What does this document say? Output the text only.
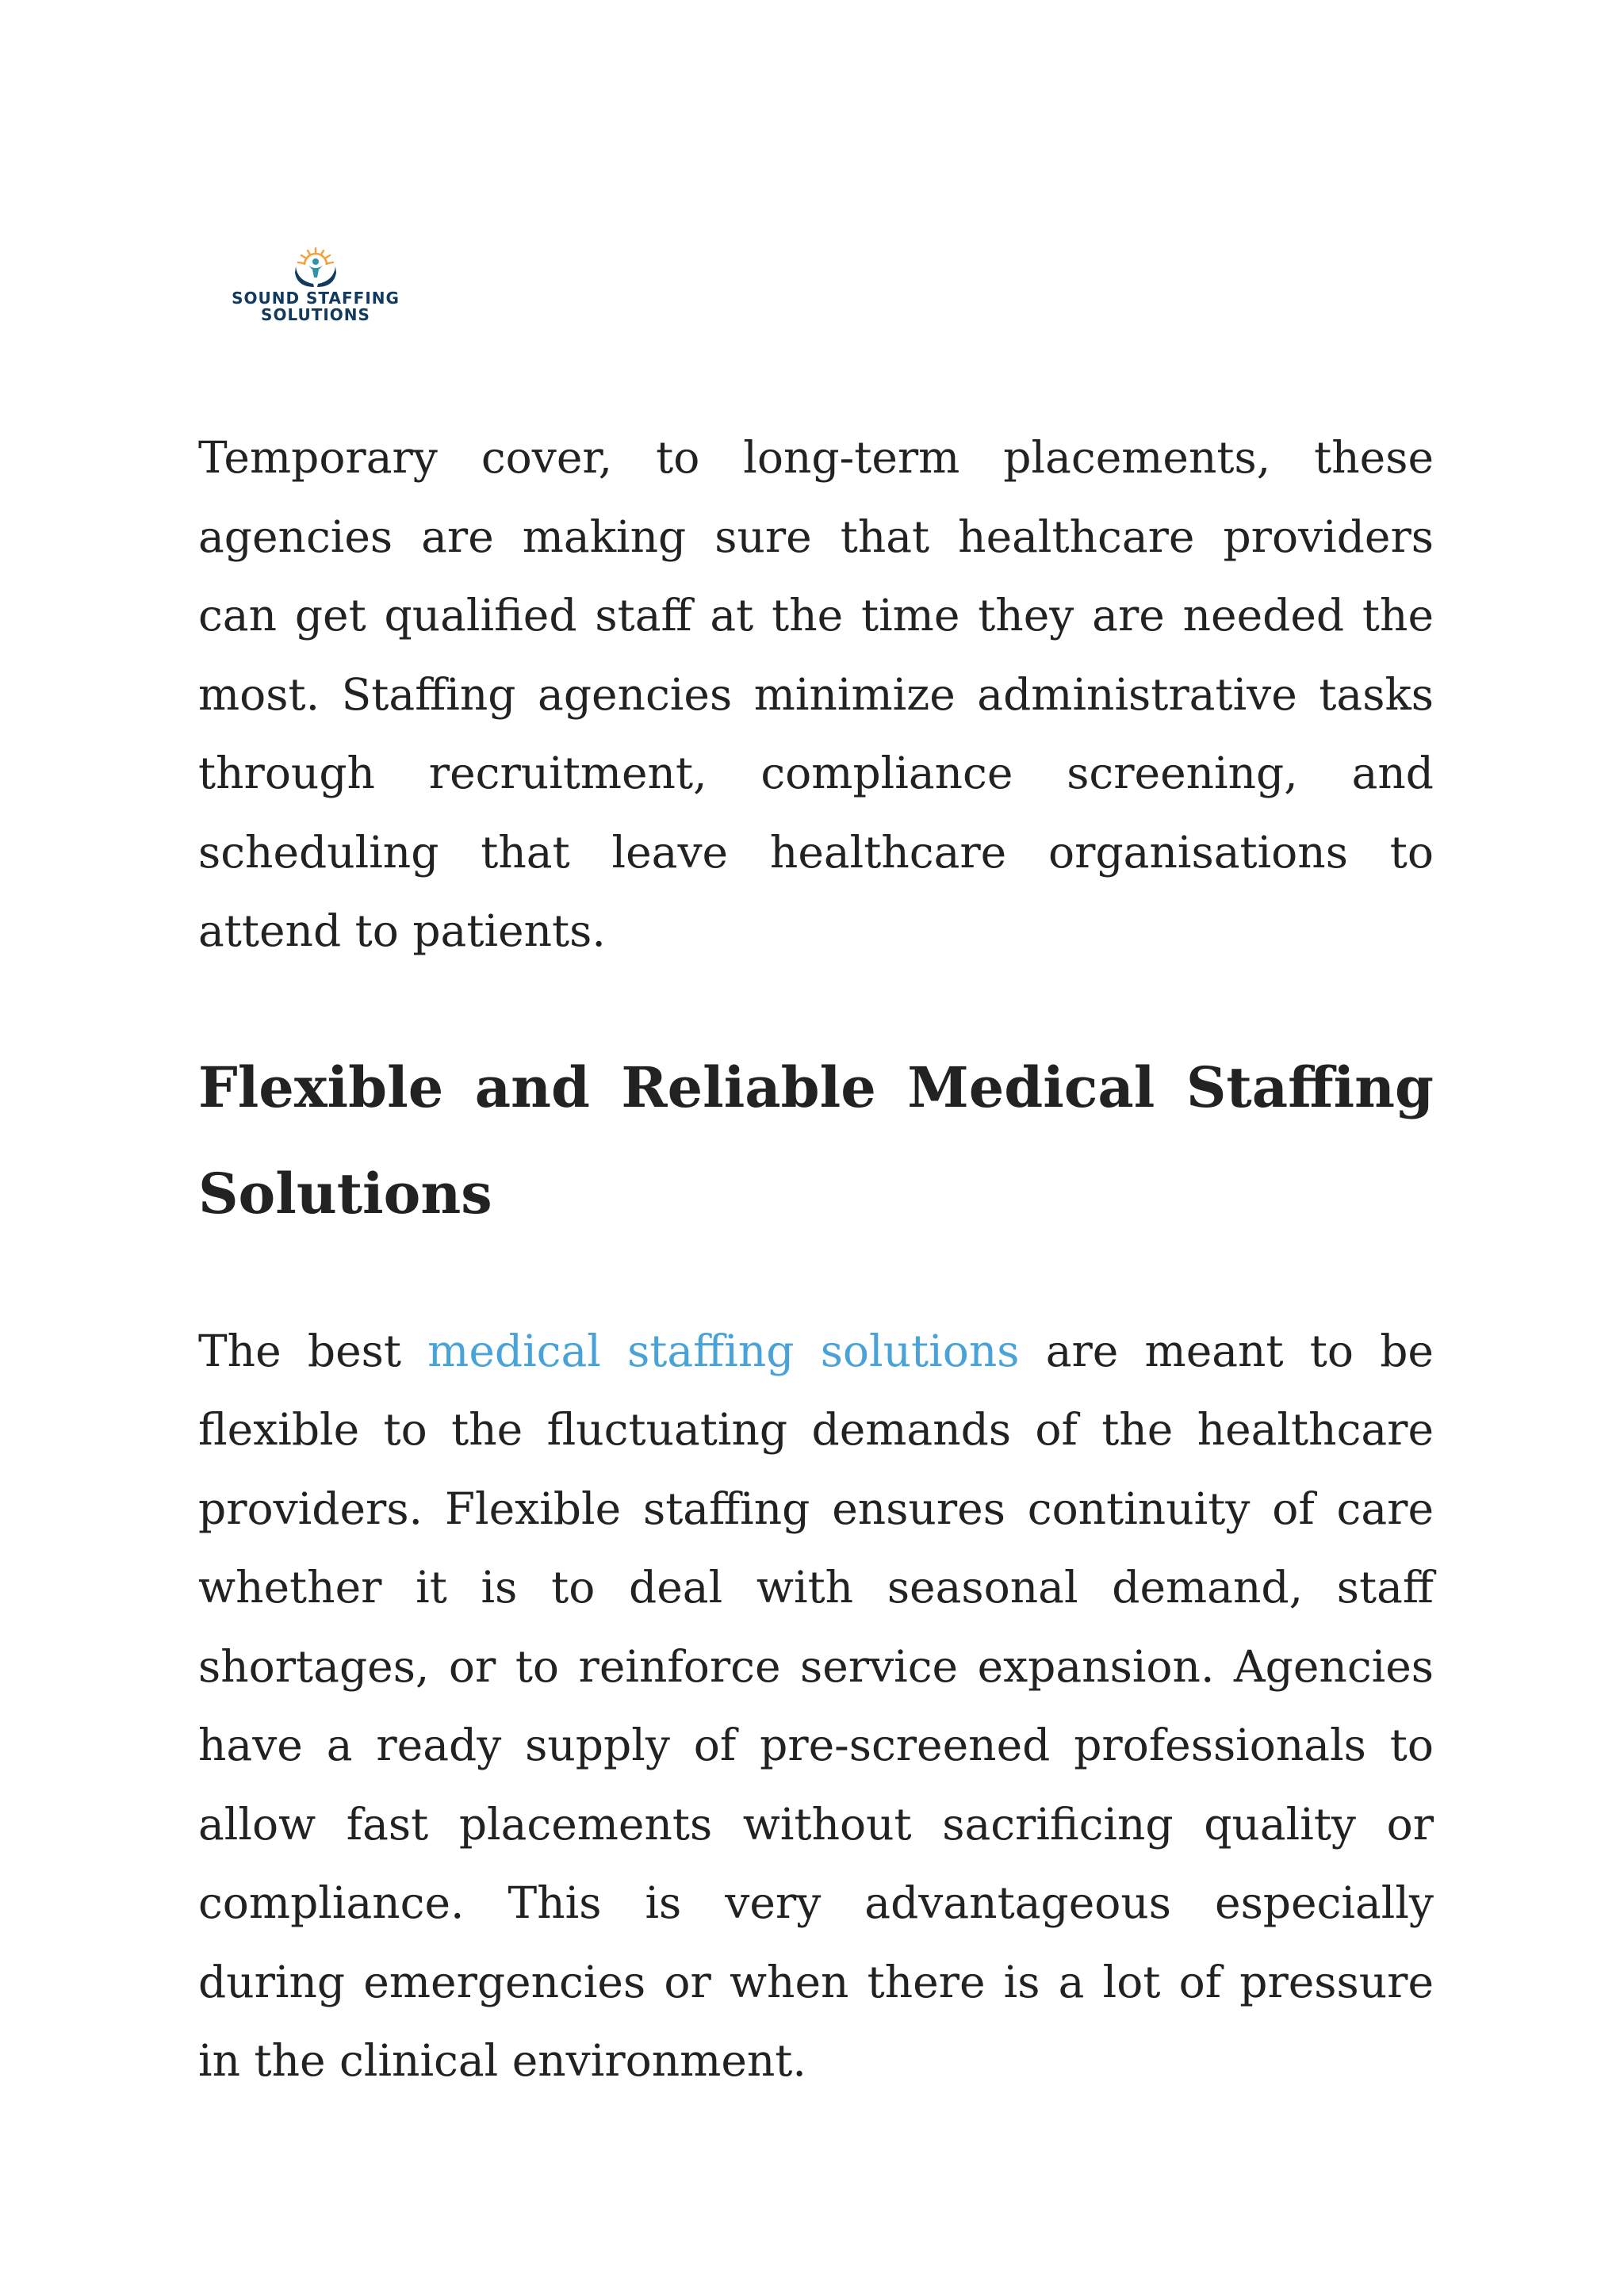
SOUND STAFFING
SOLUTIONS

Temporary cover, to long-term placements, these agencies are making sure that healthcare providers can get qualified staff at the time they are needed the most. Staffing agencies minimize administrative tasks through recruitment, compliance screening, and scheduling that leave healthcare organisations to attend to patients.

Flexible and Reliable Medical Staffing Solutions

The best medical staffing solutions are meant to be flexible to the fluctuating demands of the healthcare providers. Flexible staffing ensures continuity of care whether it is to deal with seasonal demand, staff shortages, or to reinforce service expansion. Agencies have a ready supply of pre-screened professionals to allow fast placements without sacrificing quality or compliance. This is very advantageous especially during emergencies or when there is a lot of pressure in the clinical environment.
